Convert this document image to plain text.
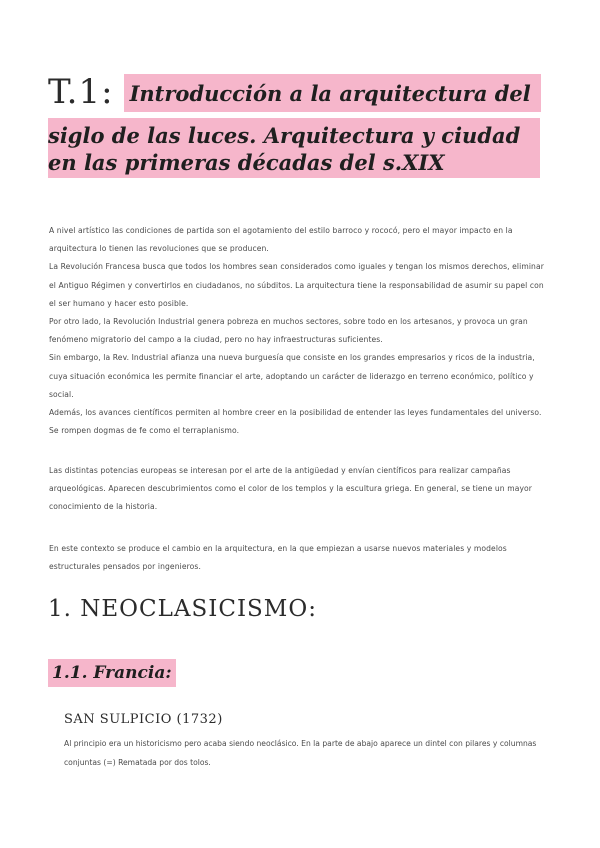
T.1: Introducción a la arquitectura del
siglo de las luces. Arquitectura y ciudad en las primeras décadas del s.XIX

A nivel artístico las condiciones de partida son el agotamiento del estilo barroco y rococó, pero el mayor impacto en la arquitectura lo tienen las revoluciones que se producen.

La Revolución Francesa busca que todos los hombres sean considerados como iguales y tengan los mismos derechos, eliminar el Antiguo Régimen y convertirlos en ciudadanos, no súbditos. La arquitectura tiene la responsabilidad de asumir su papel con el ser humano y hacer esto posible.

Por otro lado, la Revolución Industrial genera pobreza en muchos sectores, sobre todo en los artesanos, y provoca un gran fenómeno migratorio del campo a la ciudad, pero no hay infraestructuras suficientes.

Sin embargo, la Rev. Industrial afianza una nueva burguesía que consiste en los grandes empresarios y ricos de la industria, cuya situación económica les permite financiar el arte, adoptando un carácter de liderazgo en terreno económico, político y social.

Además, los avances científicos permiten al hombre creer en la posibilidad de entender las leyes fundamentales del universo. Se rompen dogmas de fe como el terraplanismo.

Las distintas potencias europeas se interesan por el arte de la antigüedad y envían científicos para realizar campañas arqueológicas. Aparecen descubrimientos como el color de los templos y la escultura griega. En general, se tiene un mayor conocimiento de la historia.

En este contexto se produce el cambio en la arquitectura, en la que empiezan a usarse nuevos materiales y modelos estructurales pensados por ingenieros.

1. NEOCLASICISMO:
1.1. Francia:
SAN SULPICIO (1732)

Al principio era un historicismo pero acaba siendo neoclásico. En la parte de abajo aparece un dintel con pilares y columnas conjuntas (=) Rematada por dos tolos.
